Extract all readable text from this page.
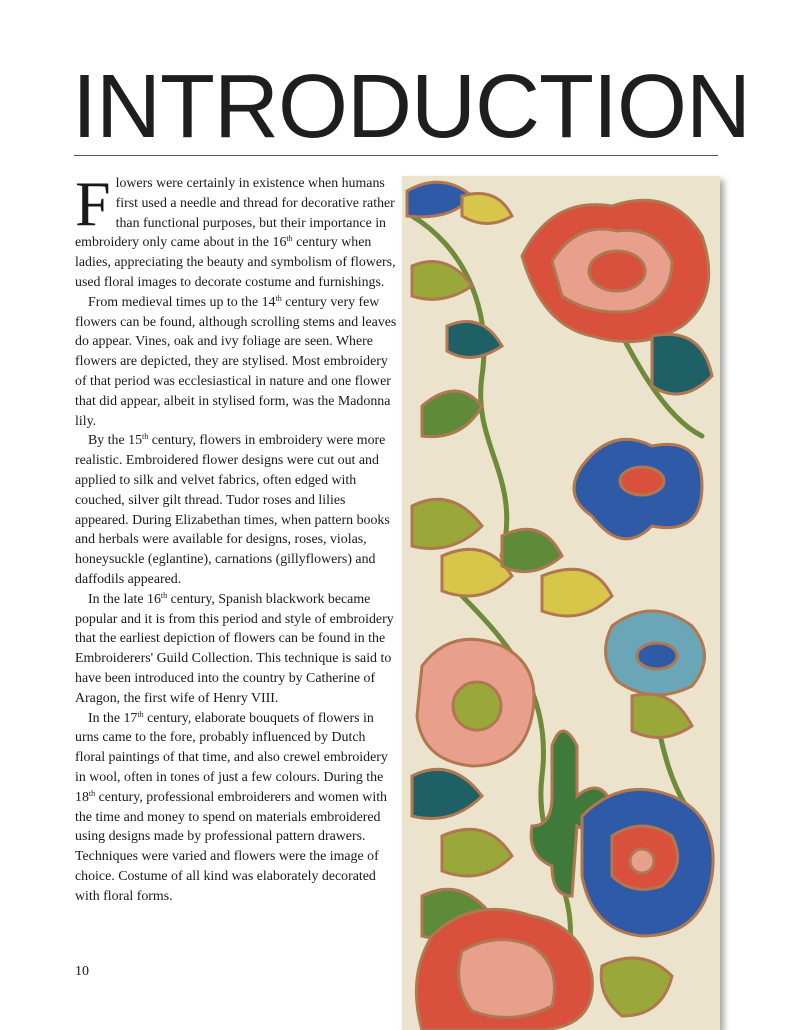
INTRODUCTION

Flowers were certainly in existence when humans first used a needle and thread for decorative rather than functional purposes, but their importance in embroidery only came about in the 16th century when ladies, appreciating the beauty and symbolism of flowers, used floral images to decorate costume and furnishings.

From medieval times up to the 14th century very few flowers can be found, although scrolling stems and leaves do appear. Vines, oak and ivy foliage are seen. Where flowers are depicted, they are stylised. Most embroidery of that period was ecclesiastical in nature and one flower that did appear, albeit in stylised form, was the Madonna lily.

By the 15th century, flowers in embroidery were more realistic. Embroidered flower designs were cut out and applied to silk and velvet fabrics, often edged with couched, silver gilt thread. Tudor roses and lilies appeared. During Elizabethan times, when pattern books and herbals were available for designs, roses, violas, honeysuckle (eglantine), carnations (gillyflowers) and daffodils appeared.

In the late 16th century, Spanish blackwork became popular and it is from this period and style of embroidery that the earliest depiction of flowers can be found in the Embroiderers' Guild Collection. This technique is said to have been introduced into the country by Catherine of Aragon, the first wife of Henry VIII.

In the 17th century, elaborate bouquets of flowers in urns came to the fore, probably influenced by Dutch floral paintings of that time, and also crewel embroidery in wool, often in tones of just a few colours. During the 18th century, professional embroiderers and women with the time and money to spend on materials embroidered using designs made by professional pattern drawers. Techniques were varied and flowers were the image of choice. Costume of all kind was elaborately decorated with floral forms.

10
